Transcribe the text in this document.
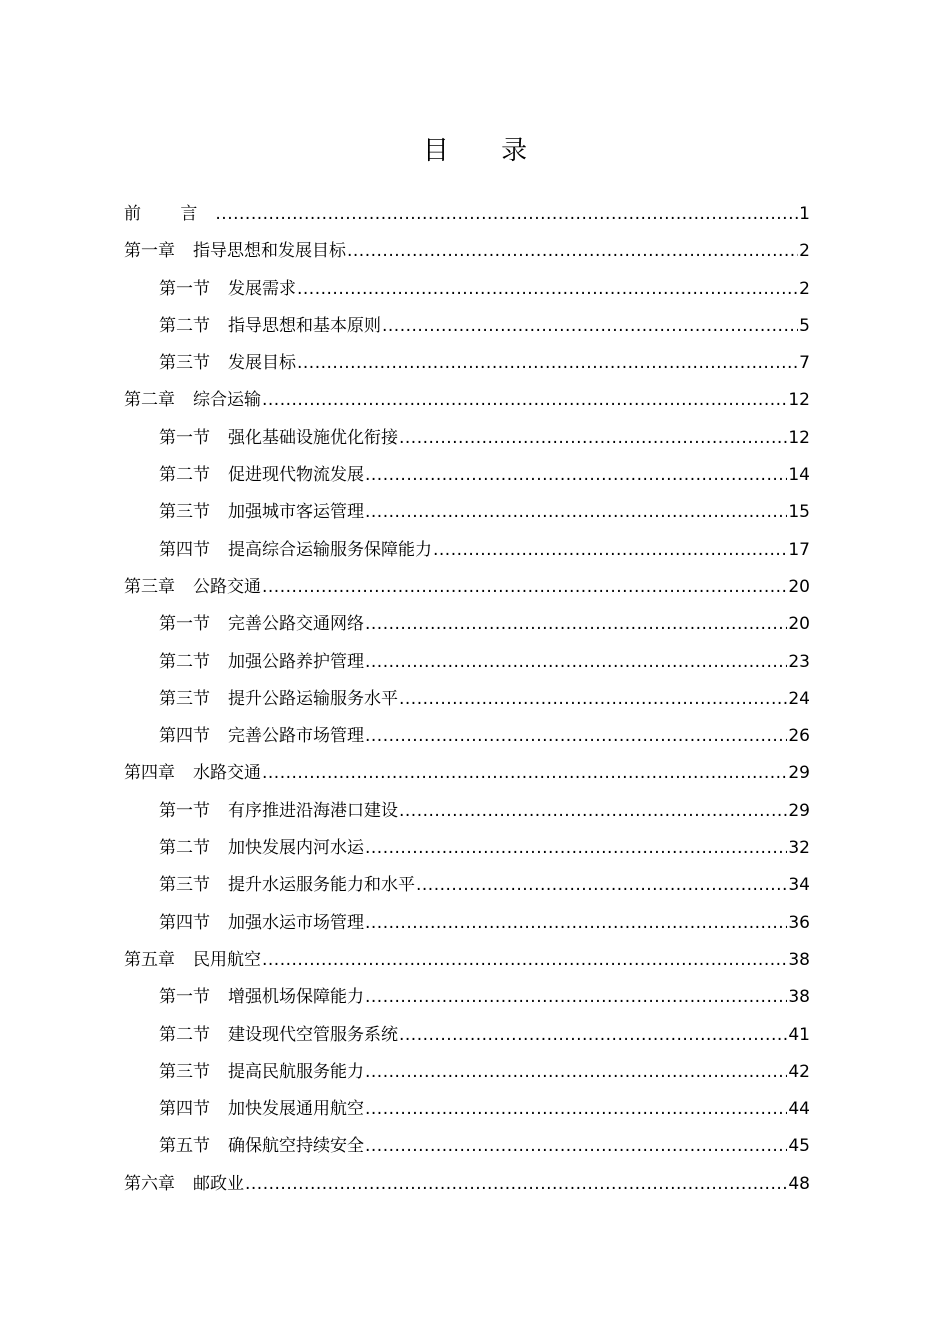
目 录
前 言 .....	1
第一章 指导思想和发展目标 .....	2
第一节 发展需求 .....	2
第二节 指导思想和基本原则 .....	5
第三节 发展目标 .....	7
第二章 综合运输 .....	12
第一节 强化基础设施优化衔接 .....	12
第二节 促进现代物流发展 .....	14
第三节 加强城市客运管理 .....	15
第四节 提高综合运输服务保障能力 .....	17
第三章 公路交通 .....	20
第一节 完善公路交通网络 .....	20
第二节 加强公路养护管理 .....	23
第三节 提升公路运输服务水平 .....	24
第四节 完善公路市场管理 .....	26
第四章 水路交通 .....	29
第一节 有序推进沿海港口建设 .....	29
第二节 加快发展内河水运 .....	32
第三节 提升水运服务能力和水平 .....	34
第四节 加强水运市场管理 .....	36
第五章 民用航空 .....	38
第一节 增强机场保障能力 .....	38
第二节 建设现代空管服务系统 .....	41
第三节 提高民航服务能力 .....	42
第四节 加快发展通用航空 .....	44
第五节 确保航空持续安全 .....	45
第六章 邮政业 .....	48
